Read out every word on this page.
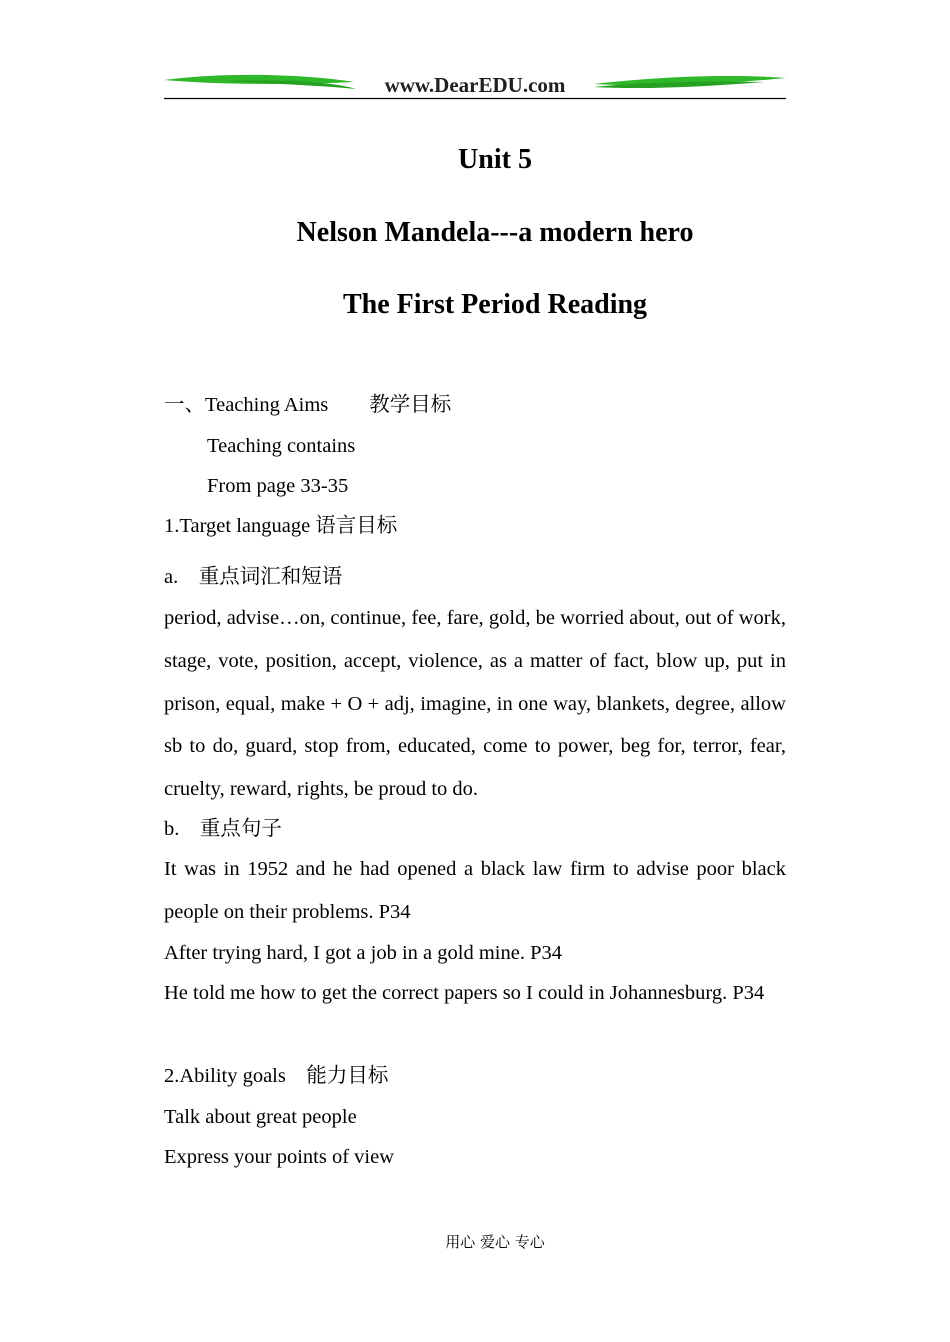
www.DearEDU.com
Unit 5
Nelson Mandela---a modern hero
The First Period Reading
一、Teaching Aims　　教学目标
Teaching contains
From page 33-35
1.Target language 语言目标
a.　重点词汇和短语

period, advise…on, continue, fee, fare, gold, be worried about, out of work, stage, vote, position, accept, violence, as a matter of fact, blow up, put in prison, equal, make + O + adj, imagine, in one way, blankets, degree, allow sb to do, guard, stop from, educated, come to power, beg for, terror, fear, cruelty, reward, rights, be proud to do.

b.　重点句子

It was in 1952 and he had opened a black law firm to advise poor black people on their problems. P34

After trying hard, I got a job in a gold mine. P34

He told me how to get the correct papers so I could in Johannesburg. P34

2.Ability goals　能力目标
Talk about great people
Express your points of view
用心 爱心 专心
